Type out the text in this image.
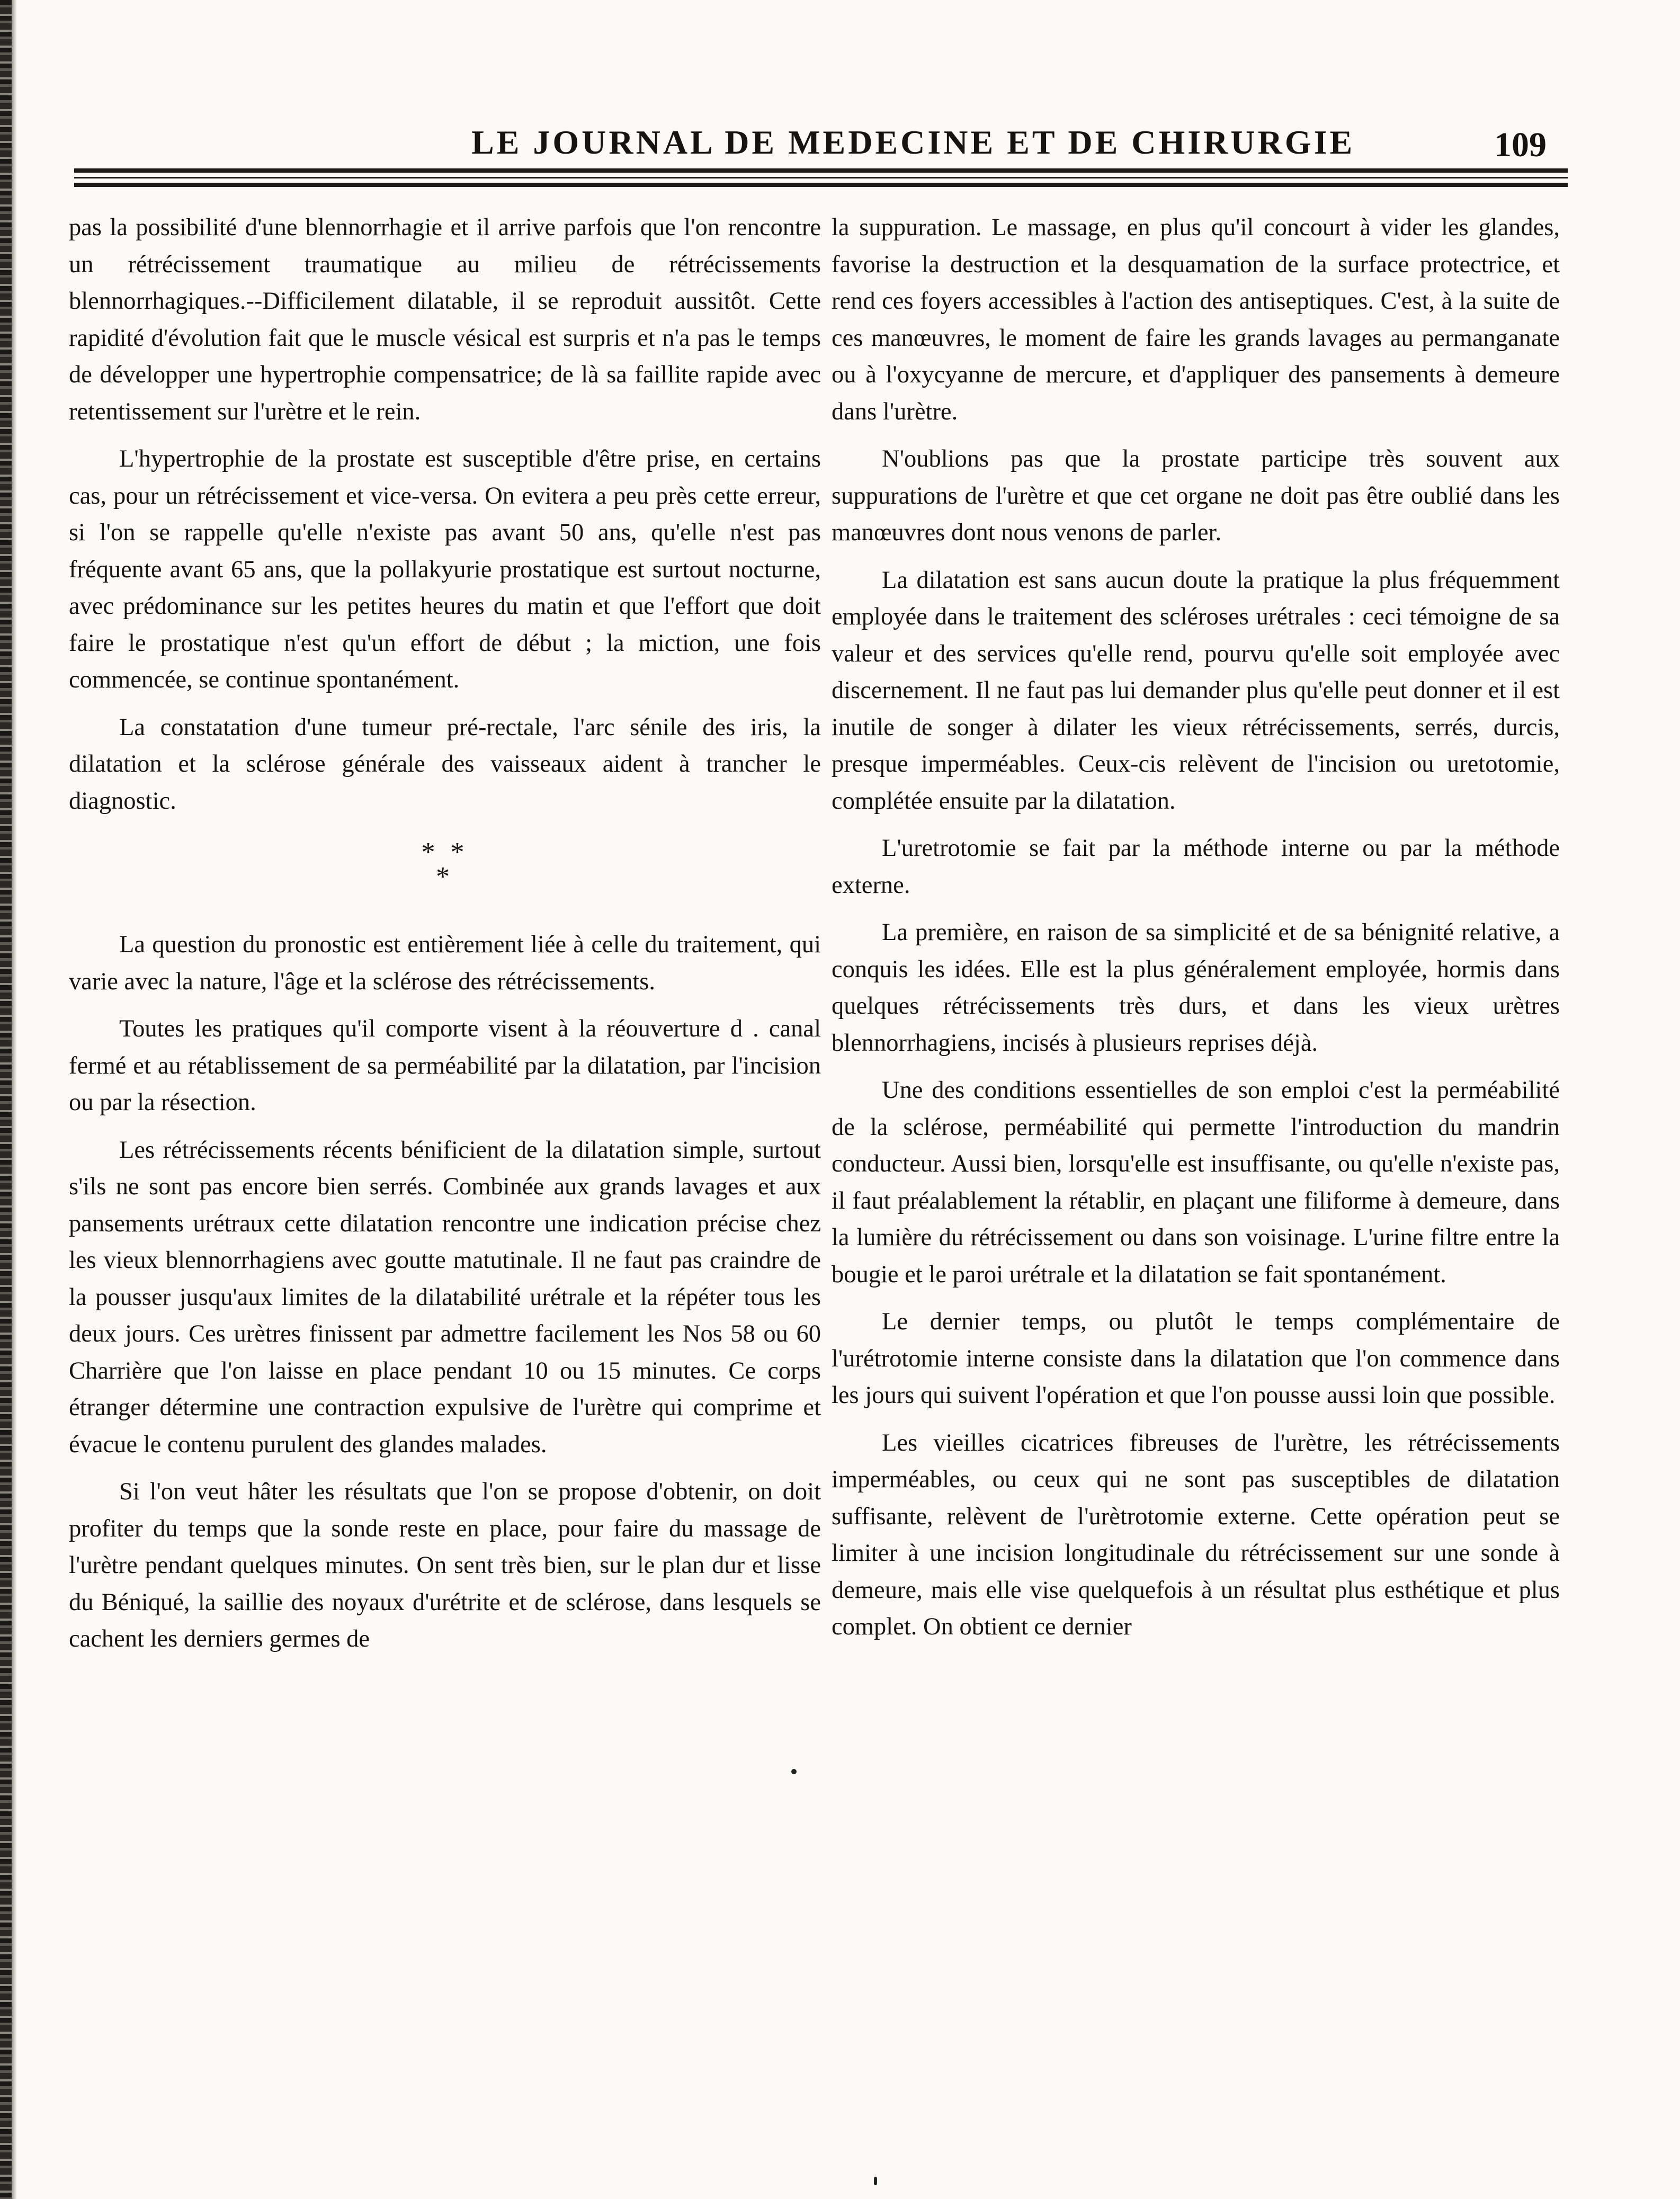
LE JOURNAL DE MEDECINE ET DE CHIRURGIE	109

pas la possibilité d'une blennorrhagie et il arrive parfois que l'on rencontre un rétrécissement traumatique au milieu de rétrécissements blennorrhagiques.--Difficilement dilatable, il se reproduit aussitôt. Cette rapidité d'évolution fait que le muscle vésical est surpris et n'a pas le temps de développer une hypertrophie compensatrice; de là sa faillite rapide avec retentissement sur l'urètre et le rein.

L'hypertrophie de la prostate est susceptible d'être prise, en certains cas, pour un rétrécissement et vice-versa. On evitera a peu près cette erreur, si l'on se rappelle qu'elle n'existe pas avant 50 ans, qu'elle n'est pas fréquente avant 65 ans, que la pollakyurie prostatique est surtout nocturne, avec prédominance sur les petites heures du matin et que l'effort que doit faire le prostatique n'est qu'un effort de début ; la miction, une fois commencée, se continue spontanément.

La constatation d'une tumeur pré-rectale, l'arc sénile des iris, la dilatation et la sclérose générale des vaisseaux aident à trancher le diagnostic.

* *
*

La question du pronostic est entièrement liée à celle du traitement, qui varie avec la nature, l'âge et la sclérose des rétrécissements.

Toutes les pratiques qu'il comporte visent à la réouverture d . canal fermé et au rétablissement de sa perméabilité par la dilatation, par l'incision ou par la résection.

Les rétrécissements récents bénificient de la dilatation simple, surtout s'ils ne sont pas encore bien serrés. Combinée aux grands lavages et aux pansements urétraux cette dilatation rencontre une indication précise chez les vieux blennorrhagiens avec goutte matutinale. Il ne faut pas craindre de la pousser jusqu'aux limites de la dilatabilité urétrale et la répéter tous les deux jours. Ces urètres finissent par admettre facilement les Nos 58 ou 60 Charrière que l'on laisse en place pendant 10 ou 15 minutes. Ce corps étranger détermine une contraction expulsive de l'urètre qui comprime et évacue le contenu purulent des glandes malades.

Si l'on veut hâter les résultats que l'on se propose d'obtenir, on doit profiter du temps que la sonde reste en place, pour faire du massage de l'urètre pendant quelques minutes. On sent très bien, sur le plan dur et lisse du Béniqué, la saillie des noyaux d'urétrite et de sclérose, dans lesquels se cachent les derniers germes de

la suppuration. Le massage, en plus qu'il concourt à vider les glandes, favorise la destruction et la desquamation de la surface protectrice, et rend ces foyers accessibles à l'action des antiseptiques. C'est, à la suite de ces manœuvres, le moment de faire les grands lavages au permanganate ou à l'oxycyanne de mercure, et d'appliquer des pansements à demeure dans l'urètre.

N'oublions pas que la prostate participe très souvent aux suppurations de l'urètre et que cet organe ne doit pas être oublié dans les manœuvres dont nous venons de parler.

La dilatation est sans aucun doute la pratique la plus fréquemment employée dans le traitement des scléroses urétrales : ceci témoigne de sa valeur et des services qu'elle rend, pourvu qu'elle soit employée avec discernement. Il ne faut pas lui demander plus qu'elle peut donner et il est inutile de songer à dilater les vieux rétrécissements, serrés, durcis, presque imperméables. Ceux-cis relèvent de l'incision ou uretotomie, complétée ensuite par la dilatation.

L'uretrotomie se fait par la méthode interne ou par la méthode externe.

La première, en raison de sa simplicité et de sa bénignité relative, a conquis les idées. Elle est la plus généralement employée, hormis dans quelques rétrécissements très durs, et dans les vieux urètres blennorrhagiens, incisés à plusieurs reprises déjà.

Une des conditions essentielles de son emploi c'est la perméabilité de la sclérose, perméabilité qui permette l'introduction du mandrin conducteur. Aussi bien, lorsqu'elle est insuffisante, ou qu'elle n'existe pas, il faut préalablement la rétablir, en plaçant une filiforme à demeure, dans la lumière du rétrécissement ou dans son voisinage. L'urine filtre entre la bougie et le paroi urétrale et la dilatation se fait spontanément.

Le dernier temps, ou plutôt le temps complémentaire de l'urétrotomie interne consiste dans la dilatation que l'on commence dans les jours qui suivent l'opération et que l'on pousse aussi loin que possible.

Les vieilles cicatrices fibreuses de l'urètre, les rétrécissements imperméables, ou ceux qui ne sont pas susceptibles de dilatation suffisante, relèvent de l'urètrotomie externe. Cette opération peut se limiter à une incision longitudinale du rétrécissement sur une sonde à demeure, mais elle vise quelquefois à un résultat plus esthétique et plus complet. On obtient ce dernier
